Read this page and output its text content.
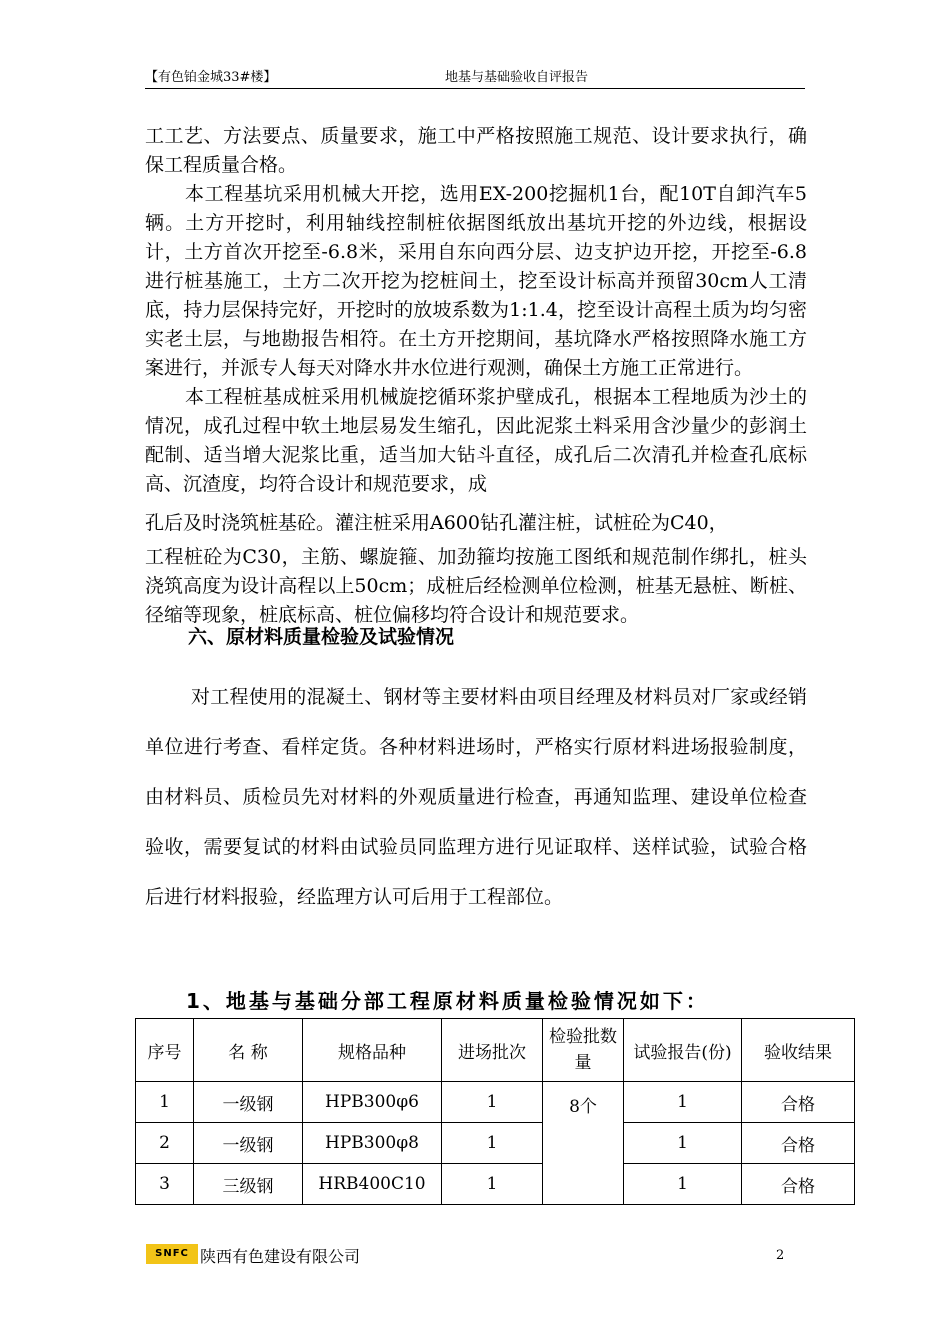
【有色铂金城33#楼】	地基与基础验收自评报告

工工艺、方法要点、质量要求，施工中严格按照施工规范、设计要求执行，确保工程质量合格。

本工程基坑采用机械大开挖，选用EX-200挖掘机1台，配10T自卸汽车5辆。土方开挖时，利用轴线控制桩依据图纸放出基坑开挖的外边线，根据设计，土方首次开挖至-6.8米，采用自东向西分层、边支护边开挖，开挖至-6.8进行桩基施工，土方二次开挖为挖桩间土，挖至设计标高并预留30cm人工清底，持力层保持完好，开挖时的放坡系数为1:1.4，挖至设计高程土质为均匀密实老土层，与地勘报告相符。在土方开挖期间，基坑降水严格按照降水施工方案进行，并派专人每天对降水井水位进行观测，确保土方施工正常进行。

本工程桩基成桩采用机械旋挖循环浆护壁成孔，根据本工程地质为沙土的情况，成孔过程中软土地层易发生缩孔，因此泥浆土料采用含沙量少的彭润土配制、适当增大泥浆比重，适当加大钻斗直径，成孔后二次清孔并检查孔底标高、沉渣度，均符合设计和规范要求，成

孔后及时浇筑桩基砼。灌注桩采用A600钻孔灌注桩，试桩砼为C40，

工程桩砼为C30，主筋、螺旋箍、加劲箍均按施工图纸和规范制作绑扎，桩头浇筑高度为设计高程以上50cm；成桩后经检测单位检测，桩基无悬桩、断桩、径缩等现象，桩底标高、桩位偏移均符合设计和规范要求。

六、原材料质量检验及试验情况

对工程使用的混凝土、钢材等主要材料由项目经理及材料员对厂家或经销单位进行考查、看样定货。各种材料进场时，严格实行原材料进场报验制度，由材料员、质检员先对材料的外观质量进行检查，再通知监理、建设单位检查验收，需要复试的材料由试验员同监理方进行见证取样、送样试验，试验合格后进行材料报验，经监理方认可后用于工程部位。

1、地基与基础分部工程原材料质量检验情况如下：
序号	名 称	规格品种	进场批次	检验批数量	试验报告(份)	验收结果
1	一级钢	HPB300φ6	1	8个	1	合格
2	一级钢	HPB300φ8	1		1	合格
3	三级钢	HRB400C10	1		1	合格
SNFC 陕西有色建设有限公司	2
